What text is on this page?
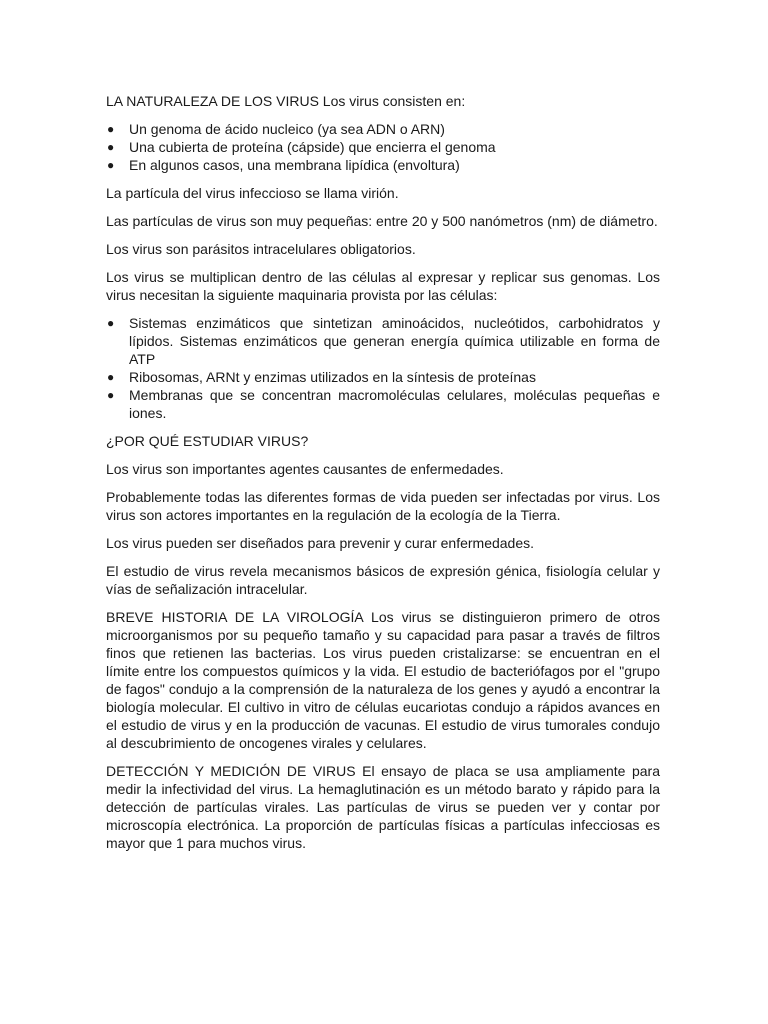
LA NATURALEZA DE LOS VIRUS Los virus consisten en:

● Un genoma de ácido nucleico (ya sea ADN o ARN)
● Una cubierta de proteína (cápside) que encierra el genoma
● En algunos casos, una membrana lipídica (envoltura)

La partícula del virus infeccioso se llama virión.

Las partículas de virus son muy pequeñas: entre 20 y 500 nanómetros (nm) de diámetro.

Los virus son parásitos intracelulares obligatorios.

Los virus se multiplican dentro de las células al expresar y replicar sus genomas. Los virus necesitan la siguiente maquinaria provista por las células:

● Sistemas enzimáticos que sintetizan aminoácidos, nucleótidos, carbohidratos y lípidos. Sistemas enzimáticos que generan energía química utilizable en forma de ATP
● Ribosomas, ARNt y enzimas utilizados en la síntesis de proteínas
● Membranas que se concentran macromoléculas celulares, moléculas pequeñas e iones.

¿POR QUÉ ESTUDIAR VIRUS?

Los virus son importantes agentes causantes de enfermedades.

Probablemente todas las diferentes formas de vida pueden ser infectadas por virus. Los virus son actores importantes en la regulación de la ecología de la Tierra.

Los virus pueden ser diseñados para prevenir y curar enfermedades.

El estudio de virus revela mecanismos básicos de expresión génica, fisiología celular y vías de señalización intracelular.

BREVE HISTORIA DE LA VIROLOGÍA Los virus se distinguieron primero de otros microorganismos por su pequeño tamaño y su capacidad para pasar a través de filtros finos que retienen las bacterias. Los virus pueden cristalizarse: se encuentran en el límite entre los compuestos químicos y la vida. El estudio de bacteriófagos por el "grupo de fagos" condujo a la comprensión de la naturaleza de los genes y ayudó a encontrar la biología molecular. El cultivo in vitro de células eucariotas condujo a rápidos avances en el estudio de virus y en la producción de vacunas. El estudio de virus tumorales condujo al descubrimiento de oncogenes virales y celulares.

DETECCIÓN Y MEDICIÓN DE VIRUS El ensayo de placa se usa ampliamente para medir la infectividad del virus. La hemaglutinación es un método barato y rápido para la detección de partículas virales. Las partículas de virus se pueden ver y contar por microscopía electrónica. La proporción de partículas físicas a partículas infecciosas es mayor que 1 para muchos virus.
